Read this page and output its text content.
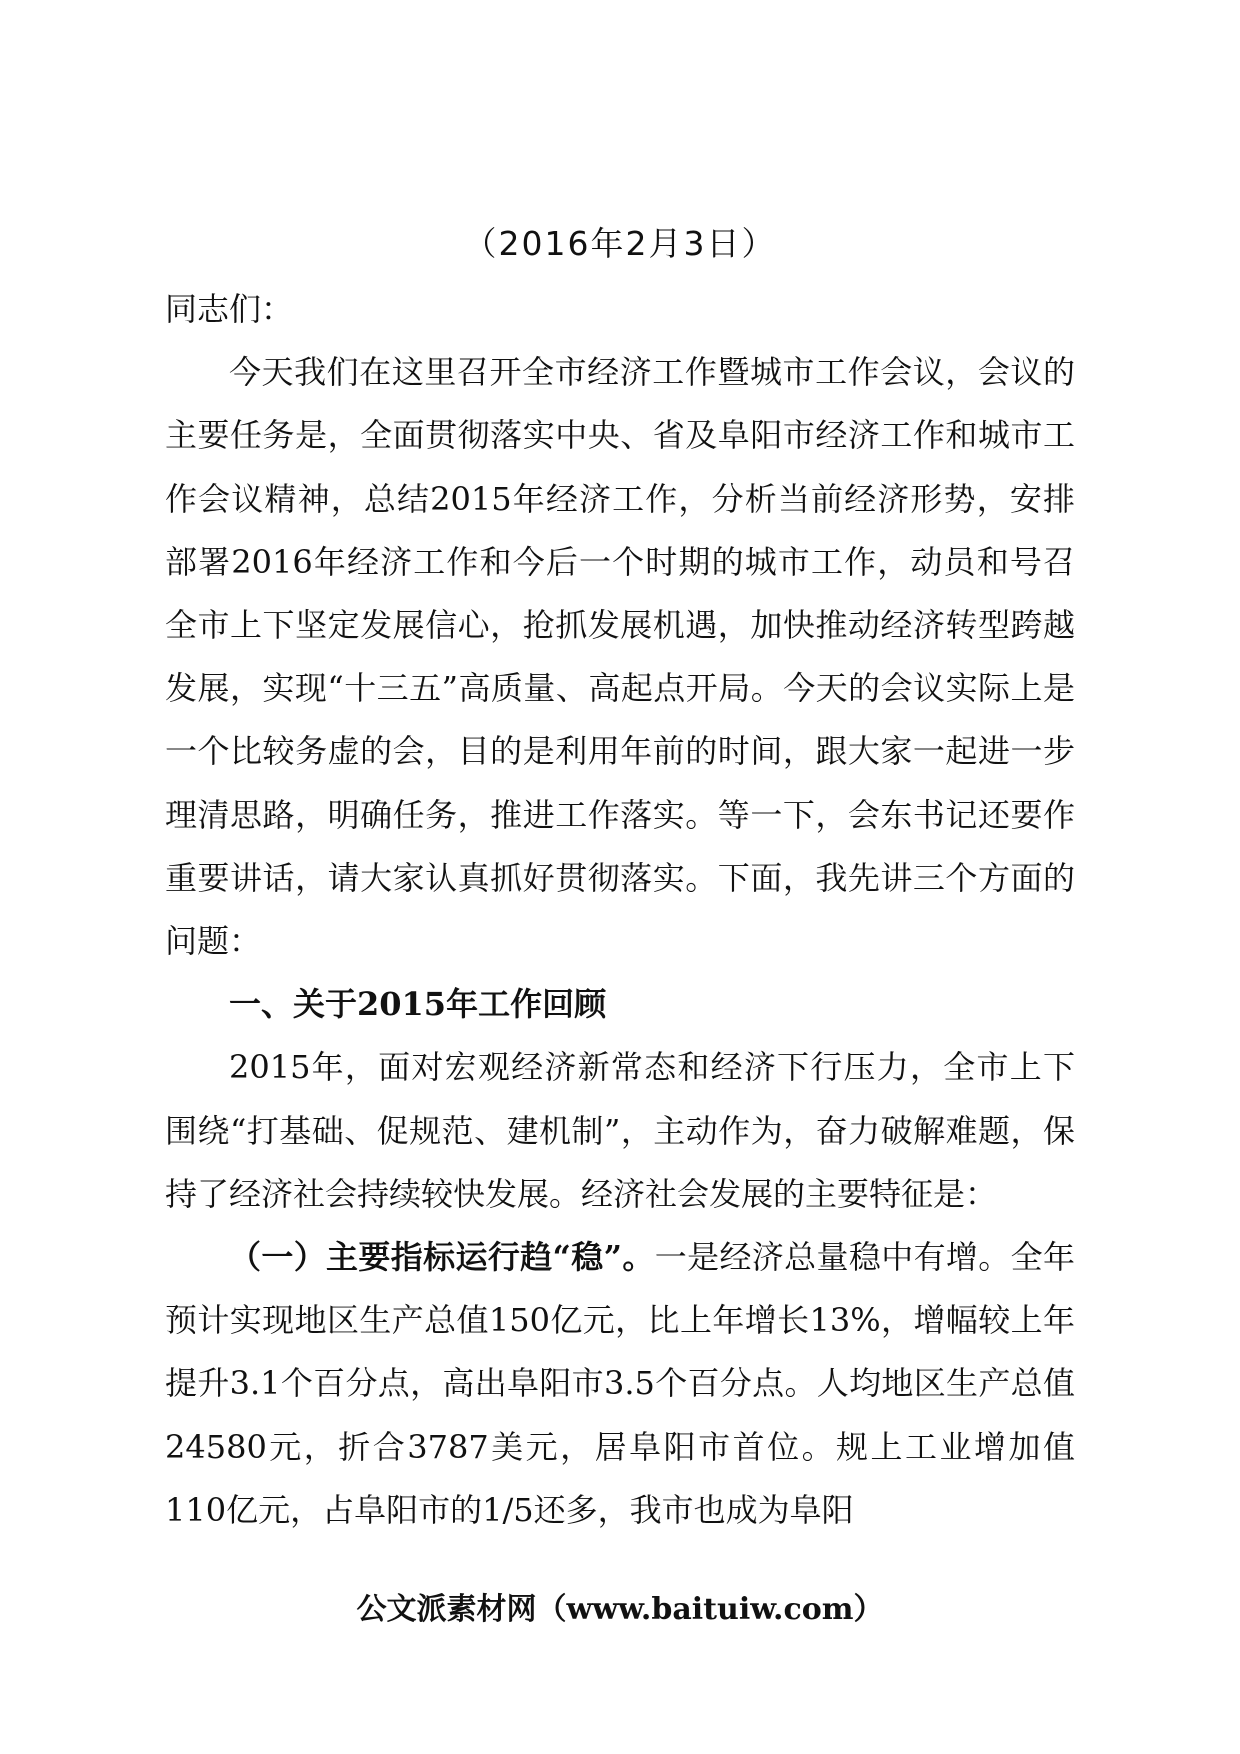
（2016年2月3日）

同志们：

今天我们在这里召开全市经济工作暨城市工作会议，会议的主要任务是，全面贯彻落实中央、省及阜阳市经济工作和城市工作会议精神，总结2015年经济工作，分析当前经济形势，安排部署2016年经济工作和今后一个时期的城市工作，动员和号召全市上下坚定发展信心，抢抓发展机遇，加快推动经济转型跨越发展，实现“十三五”高质量、高起点开局。今天的会议实际上是一个比较务虚的会，目的是利用年前的时间，跟大家一起进一步理清思路，明确任务，推进工作落实。等一下，会东书记还要作重要讲话，请大家认真抓好贯彻落实。下面，我先讲三个方面的问题：

一、关于2015年工作回顾

2015年，面对宏观经济新常态和经济下行压力，全市上下围绕“打基础、促规范、建机制”，主动作为，奋力破解难题，保持了经济社会持续较快发展。经济社会发展的主要特征是：

（一）主要指标运行趋“稳”。一是经济总量稳中有增。全年预计实现地区生产总值150亿元，比上年增长13%，增幅较上年提升3.1个百分点，高出阜阳市3.5个百分点。人均地区生产总值24580元，折合3787美元，居阜阳市首位。规上工业增加值110亿元，占阜阳市的1/5还多，我市也成为阜阳

公文派素材网（www.baituiw.com）
